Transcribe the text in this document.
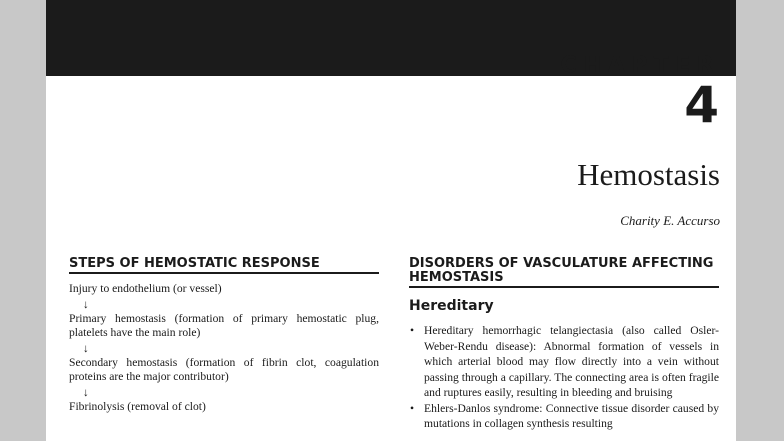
CHAPTER
4
Hemostasis
Charity E. Accurso
STEPS OF HEMOSTATIC RESPONSE
Injury to endothelium (or vessel)
↓
Primary hemostasis (formation of primary hemostatic plug, platelets have the main role)
↓
Secondary hemostasis (formation of fibrin clot, coagulation proteins are the major contributor)
↓
Fibrinolysis (removal of clot)
DISORDERS OF VASCULATURE AFFECTING HEMOSTASIS
Hereditary
• Hereditary hemorrhagic telangiectasia (also called Osler-Weber-Rendu disease): Abnormal formation of vessels in which arterial blood may flow directly into a vein without passing through a capillary. The connecting area is often fragile and ruptures easily, resulting in bleeding and bruising
• Ehlers-Danlos syndrome: Connective tissue disorder caused by mutations in collagen synthesis resulting
